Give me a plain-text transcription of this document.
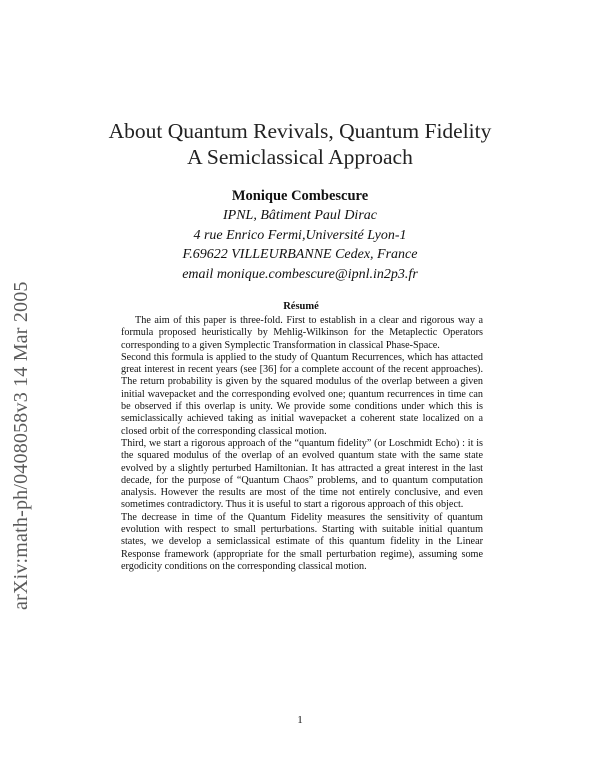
arXiv:math-ph/0408058v3 14 Mar 2005
About Quantum Revivals, Quantum Fidelity
A Semiclassical Approach
Monique Combescure
IPNL, Bâtiment Paul Dirac
4 rue Enrico Fermi,Université Lyon-1
F.69622 VILLEURBANNE Cedex, France
email monique.combescure@ipnl.in2p3.fr
Résumé

The aim of this paper is three-fold. First to establish in a clear and rigorous way a formula proposed heuristically by Mehlig-Wilkinson for the Metaplectic Operators corresponding to a given Symplectic Transformation in classical Phase-Space.

Second this formula is applied to the study of Quantum Recurrences, which has attacted great interest in recent years (see [36] for a complete account of the recent approaches). The return probability is given by the squared modulus of the overlap between a given initial wavepacket and the corresponding evolved one; quantum recurrences in time can be observed if this overlap is unity. We provide some conditions under which this is semiclassically achieved taking as initial wavepacket a coherent state localized on a closed orbit of the corresponding classical motion.

Third, we start a rigorous approach of the “quantum fidelity” (or Loschmidt Echo) : it is the squared modulus of the overlap of an evolved quantum state with the same state evolved by a slightly perturbed Hamiltonian. It has attracted a great interest in the last decade, for the purpose of “Quantum Chaos” problems, and to quantum computation analysis. However the results are most of the time not entirely conclusive, and even sometimes contradictory. Thus it is useful to start a rigorous approach of this object.

The decrease in time of the Quantum Fidelity measures the sensitivity of quantum evolution with respect to small perturbations. Starting with suitable initial quantum states, we develop a semiclassical estimate of this quantum fidelity in the Linear Response framework (appropriate for the small perturbation regime), assuming some ergodicity conditions on the corresponding classical motion.

1
